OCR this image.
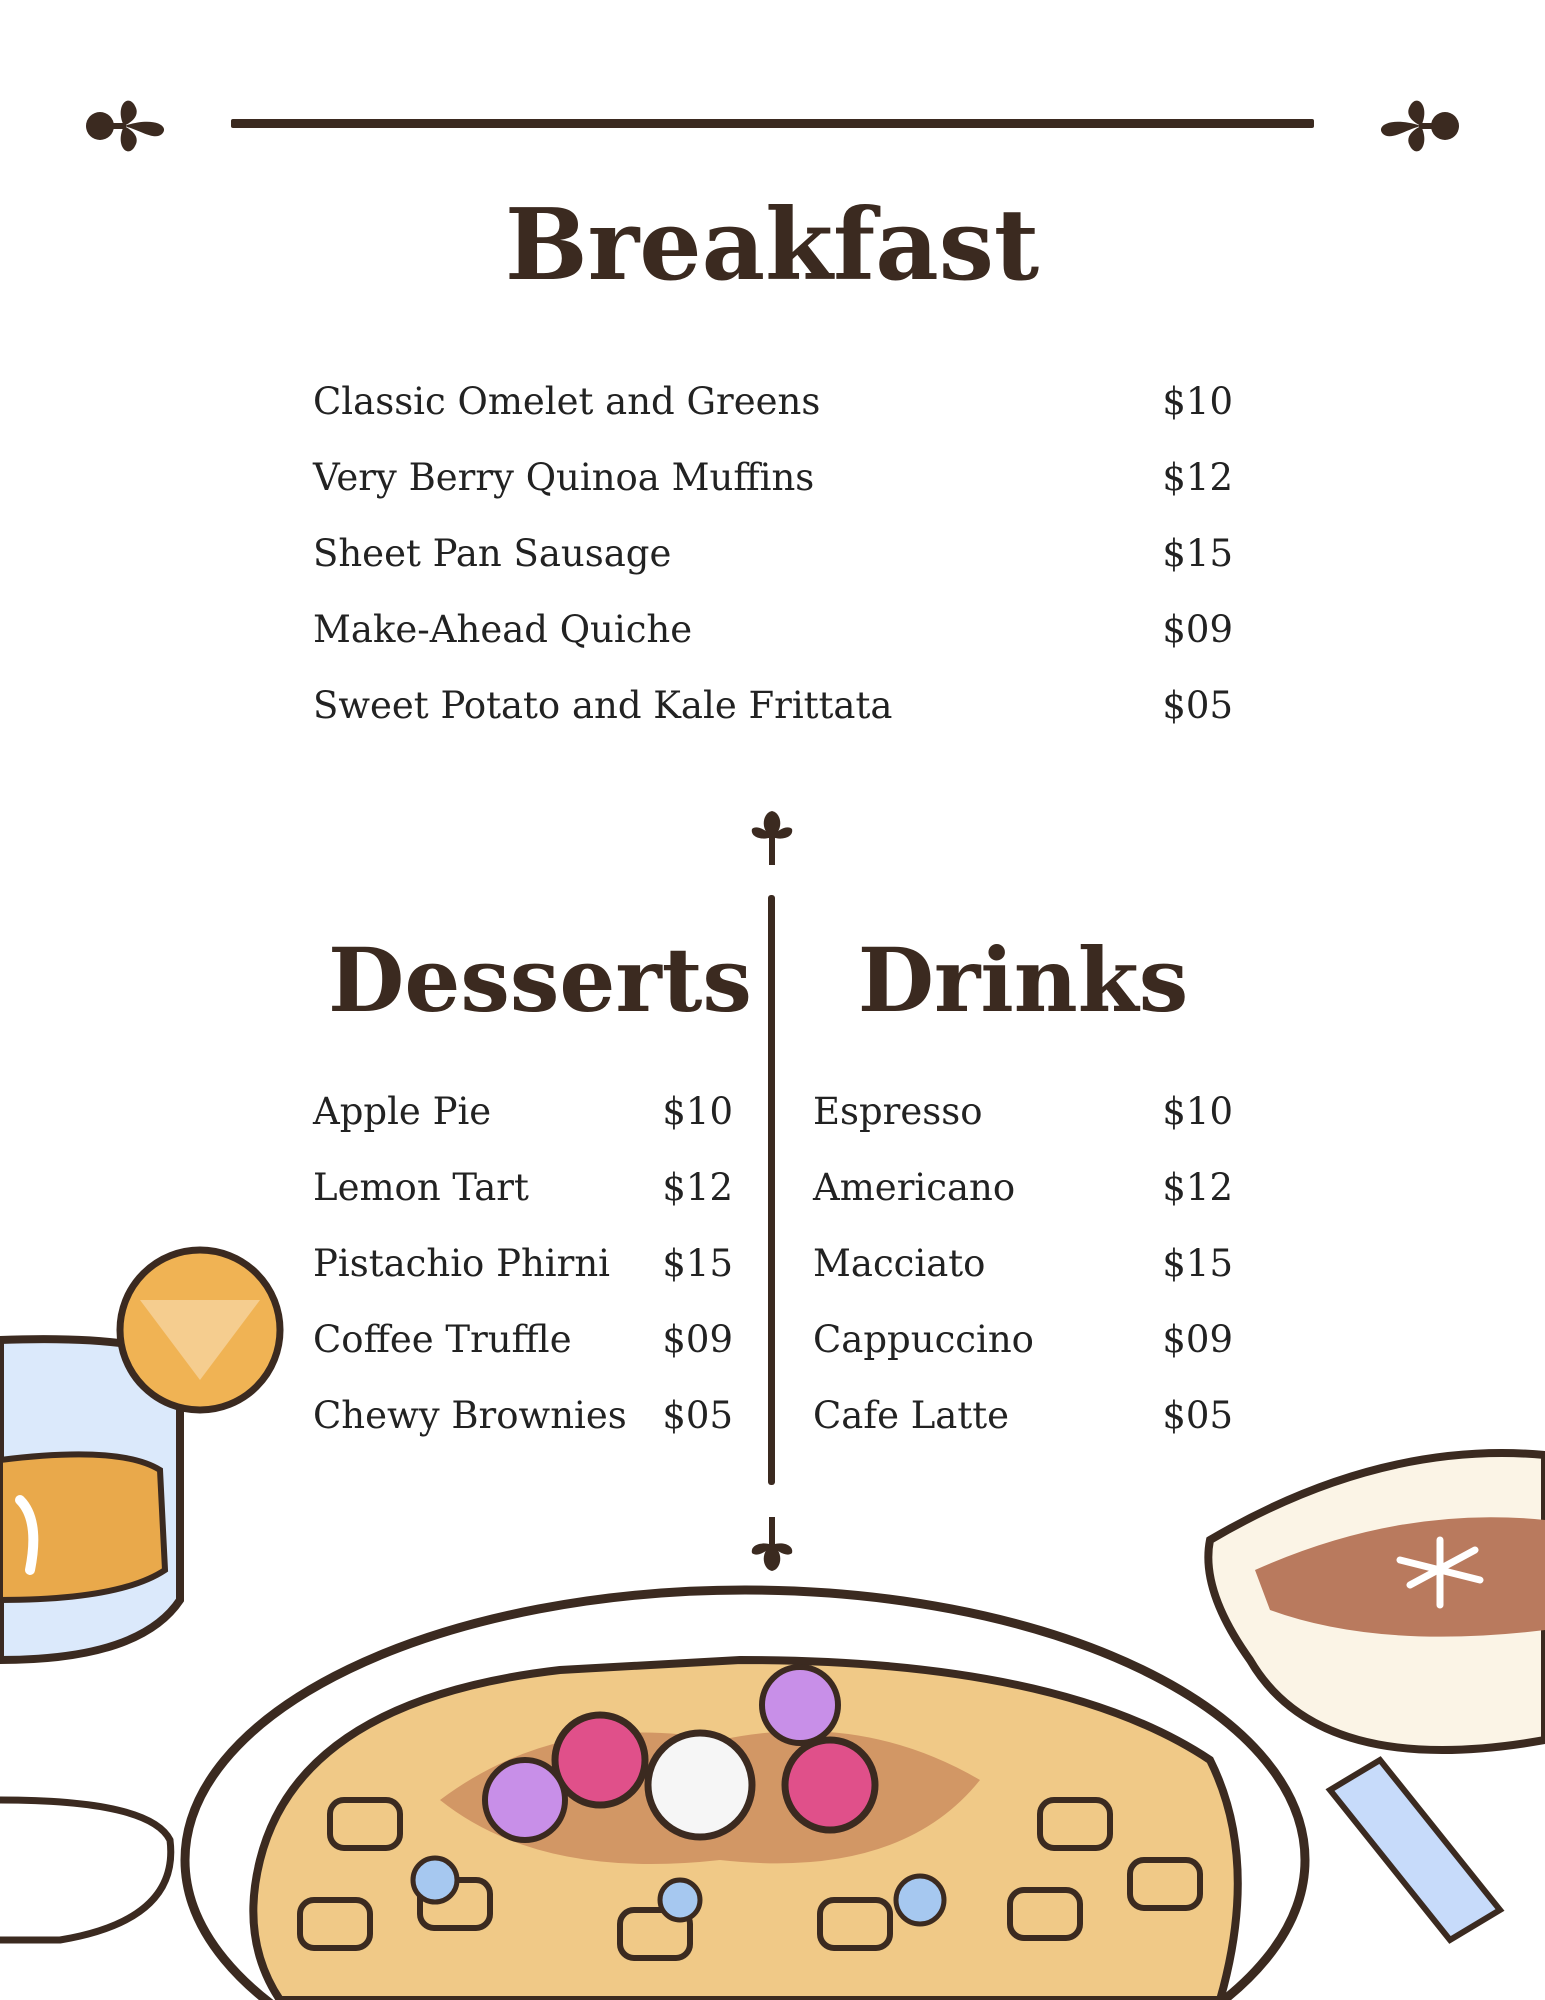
Breakfast
Classic Omelet and Greens	$10
Very Berry Quinoa Muffins	$12
Sheet Pan Sausage	$15
Make-Ahead Quiche	$09
Sweet Potato and Kale Frittata	$05
Desserts
Apple Pie	$10
Lemon Tart	$12
Pistachio Phirni $15
Coffee Truffle $09
Chewy Brownies $05
Drinks
Espresso	$10
Americano	$12
Macciato	$15
Cappuccino	$09
Cafe Latte	$05
